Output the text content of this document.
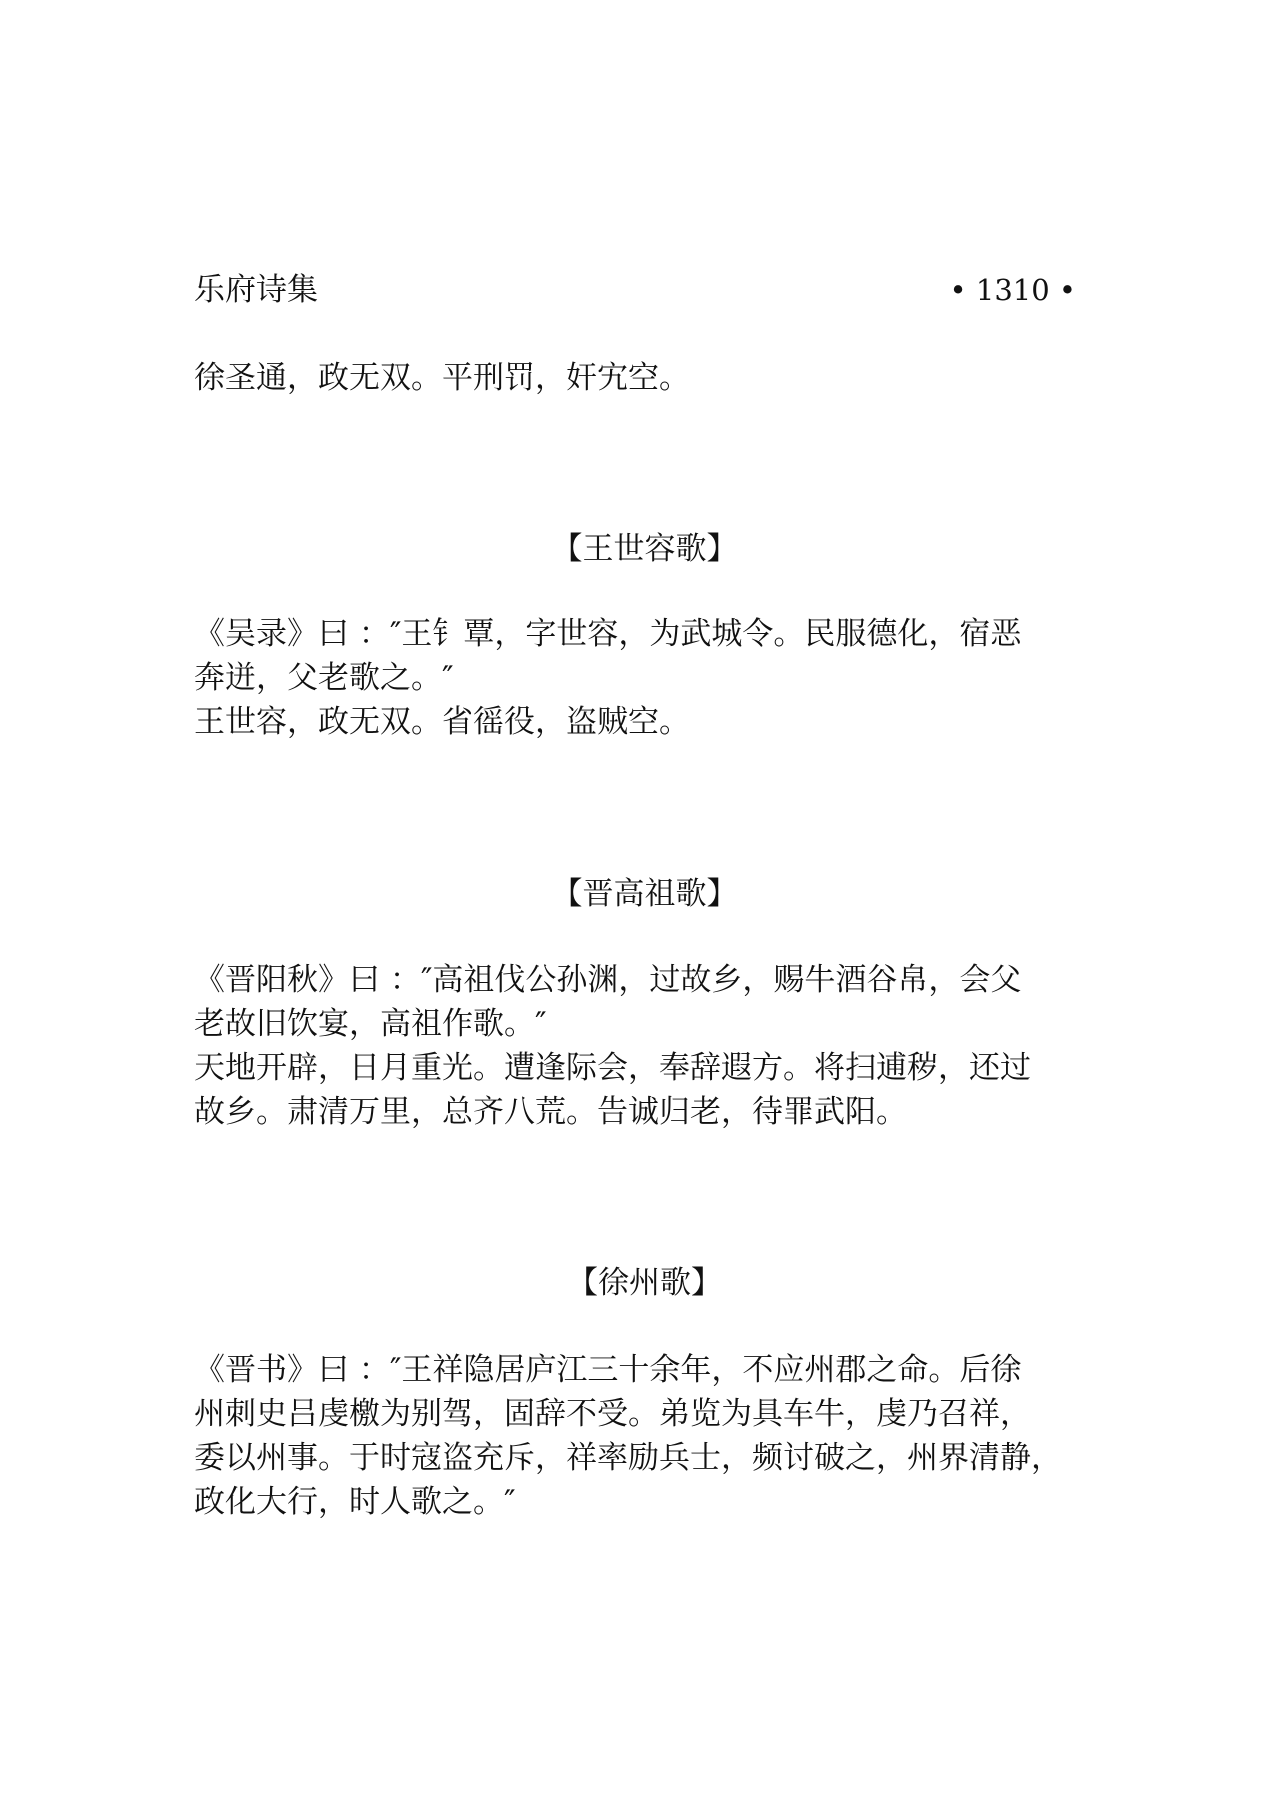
乐府诗集	• 1310 •
徐圣通，政无双。平刑罚，奸宄空。
【王世容歌】
《吴录》曰 ：″王钅覃，字世容，为武城令。民服德化，宿恶
奔迸，父老歌之。″
王世容，政无双。省徭役，盗贼空。
【晋高祖歌】
《晋阳秋》曰 ：″高祖伐公孙渊，过故乡，赐牛酒谷帛，会父
老故旧饮宴，高祖作歌。″
天地开辟，日月重光。遭逢际会，奉辞遐方。将扫逋秽，还过
故乡。肃清万里，总齐八荒。告诚归老，待罪武阳。
【徐州歌】
《晋书》曰 ：″王祥隐居庐江三十余年，不应州郡之命。后徐
州刺史吕虔檄为别驾，固辞不受。弟览为具车牛，虔乃召祥，
委以州事。于时寇盗充斥，祥率励兵士，频讨破之，州界清静，
政化大行，时人歌之。″
